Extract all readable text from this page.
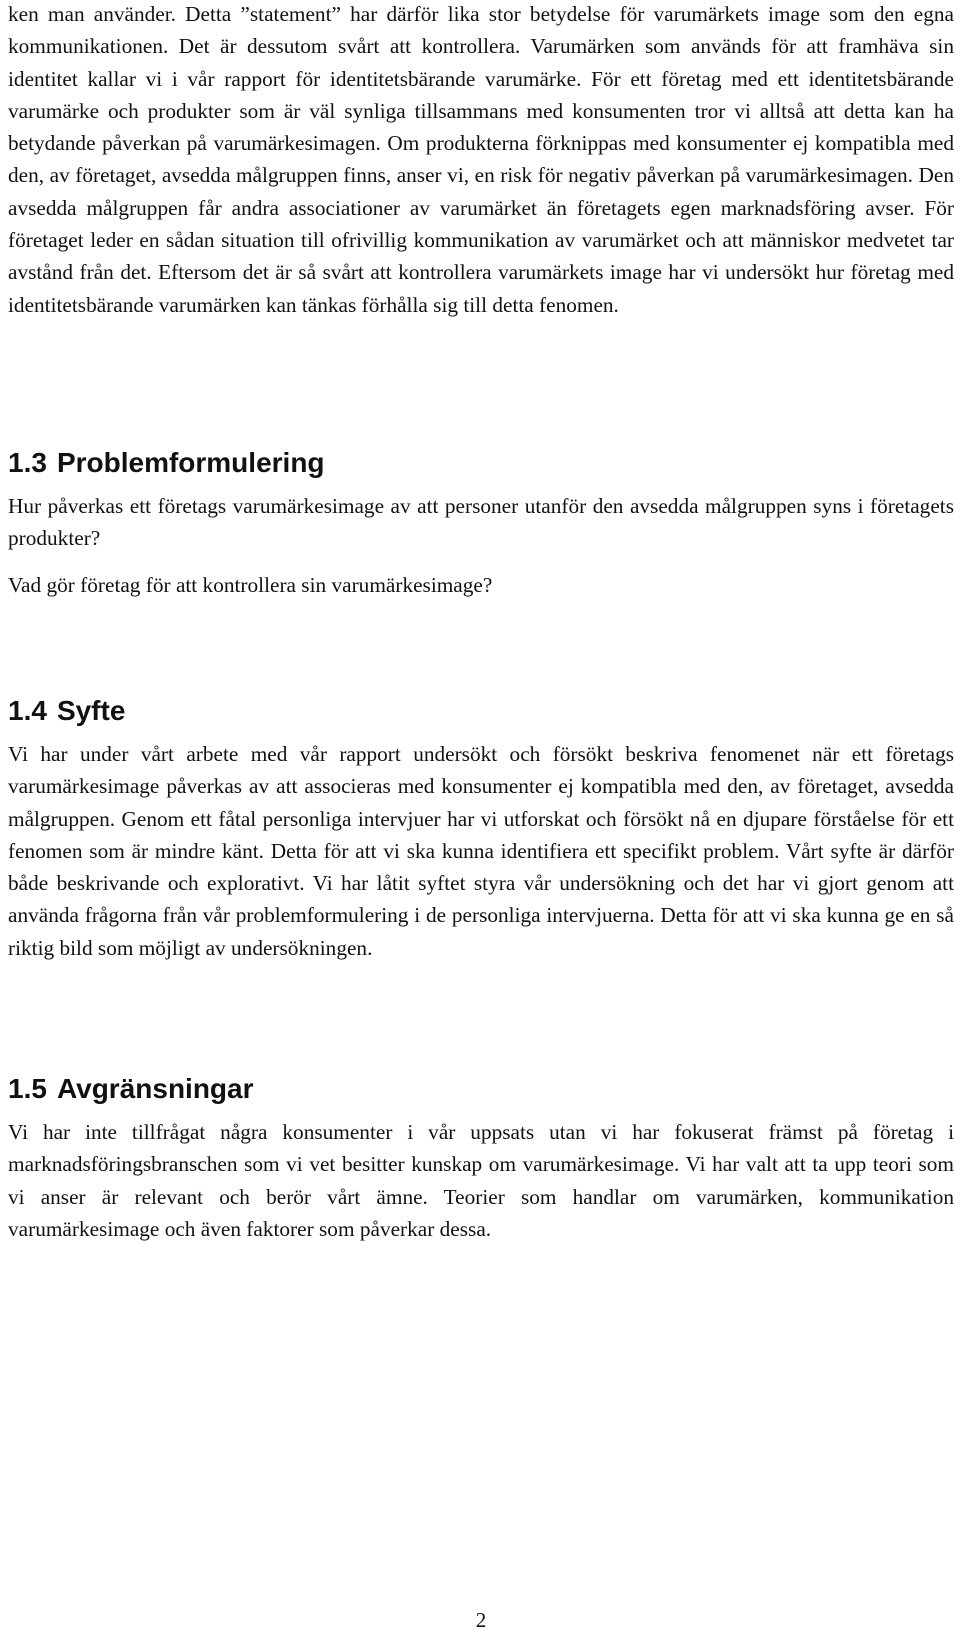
ken man använder. Detta ”statement” har därför lika stor betydelse för varumärkets image som den egna kommunikationen. Det är dessutom svårt att kontrollera. Varumärken som används för att framhäva sin identitet kallar vi i vår rapport för identitetsbärande varumärke. För ett företag med ett identitetsbärande varumärke och produkter som är väl synliga tillsammans med konsumenten tror vi alltså att detta kan ha betydande påverkan på varumärkesimagen. Om produkterna förknippas med konsumenter ej kompatibla med den, av företaget, avsedda målgruppen finns, anser vi, en risk för negativ påverkan på varumärkesimagen. Den avsedda målgruppen får andra associationer av varumärket än företagets egen marknadsföring avser. För företaget leder en sådan situation till ofrivillig kommunikation av varumärket och att människor medvetet tar avstånd från det. Eftersom det är så svårt att kontrollera varumärkets image har vi undersökt hur företag med identitetsbärande varumärken kan tänkas förhålla sig till detta fenomen.

1.3 Problemformulering

Hur påverkas ett företags varumärkesimage av att personer utanför den avsedda målgruppen syns i företagets produkter?

Vad gör företag för att kontrollera sin varumärkesimage?

1.4 Syfte

Vi har under vårt arbete med vår rapport undersökt och försökt beskriva fenomenet när ett företags varumärkesimage påverkas av att associeras med konsumenter ej kompatibla med den, av företaget, avsedda målgruppen. Genom ett fåtal personliga intervjuer har vi utforskat och försökt nå en djupare förståelse för ett fenomen som är mindre känt. Detta för att vi ska kunna identifiera ett specifikt problem. Vårt syfte är därför både beskrivande och explorativt. Vi har låtit syftet styra vår undersökning och det har vi gjort genom att använda frågorna från vår problemformulering i de personliga intervjuerna. Detta för att vi ska kunna ge en så riktig bild som möjligt av undersökningen.

1.5 Avgränsningar

Vi har inte tillfrågat några konsumenter i vår uppsats utan vi har fokuserat främst på företag i marknadsföringsbranschen som vi vet besitter kunskap om varumärkesimage. Vi har valt att ta upp teori som vi anser är relevant och berör vårt ämne. Teorier som handlar om varumärken, kommunikation varumärkesimage och även faktorer som påverkar dessa.

2
